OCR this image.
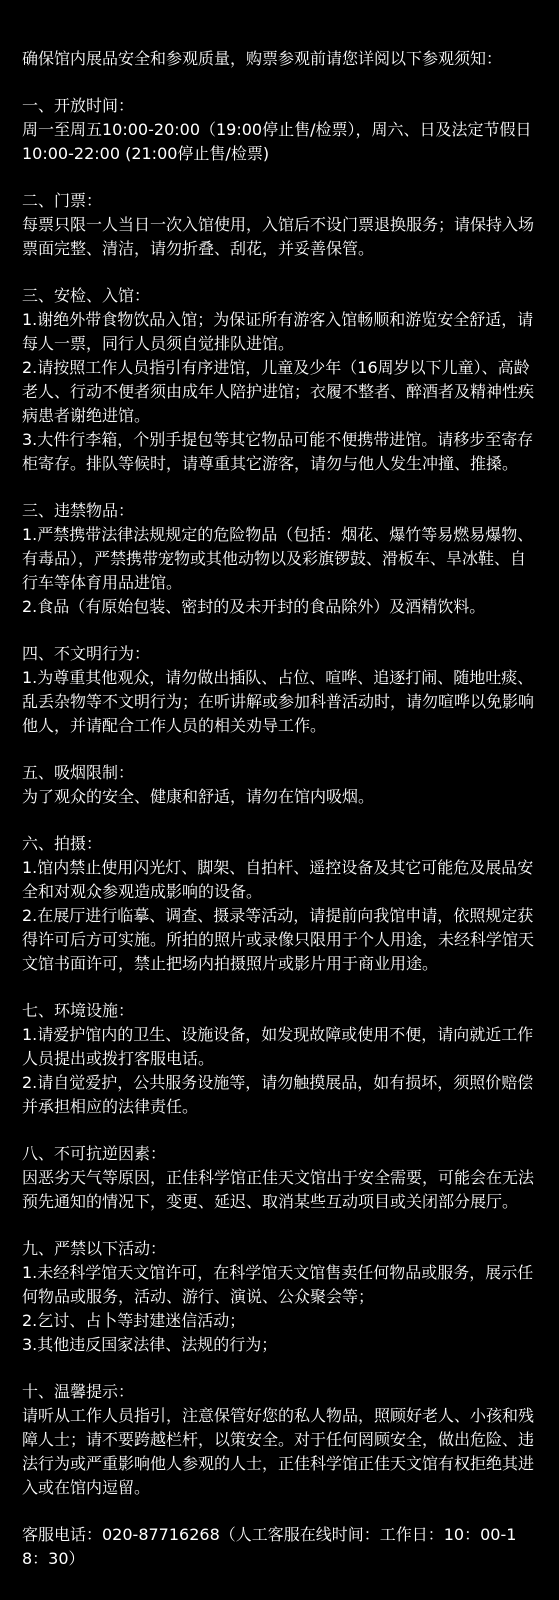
确保馆内展品安全和参观质量，购票参观前请您详阅以下参观须知：

一、开放时间：

周一至周五10:00-20:00（19:00停止售/检票），周六、日及法定节假日 10:00-22:00 (21:00停止售/检票)

二、门票：

每票只限一人当日一次入馆使用，入馆后不设门票退换服务；请保持入场票面完整、清洁，请勿折叠、刮花，并妥善保管。

三、安检、入馆：

1.谢绝外带食物饮品入馆；为保证所有游客入馆畅顺和游览安全舒适，请每人一票，同行人员须自觉排队进馆。

2.请按照工作人员指引有序进馆，儿童及少年（16周岁以下儿童）、高龄老人、行动不便者须由成年人陪护进馆；衣履不整者、醉酒者及精神性疾病患者谢绝进馆。

3.大件行李箱，个别手提包等其它物品可能不便携带进馆。请移步至寄存柜寄存。排队等候时，请尊重其它游客，请勿与他人发生冲撞、推搡。

三、违禁物品：

1.严禁携带法律法规规定的危险物品（包括：烟花、爆竹等易燃易爆物、有毒品），严禁携带宠物或其他动物以及彩旗锣鼓、滑板车、旱冰鞋、自行车等体育用品进馆。

2.食品（有原始包装、密封的及未开封的食品除外）及酒精饮料。

四、不文明行为：

1.为尊重其他观众，请勿做出插队、占位、喧哗、追逐打闹、随地吐痰、乱丢杂物等不文明行为；在听讲解或参加科普活动时，请勿喧哗以免影响他人，并请配合工作人员的相关劝导工作。

五、吸烟限制：

为了观众的安全、健康和舒适，请勿在馆内吸烟。

六、拍摄：

1.馆内禁止使用闪光灯、脚架、自拍杆、遥控设备及其它可能危及展品安全和对观众参观造成影响的设备。

2.在展厅进行临摹、调查、摄录等活动，请提前向我馆申请，依照规定获得许可后方可实施。所拍的照片或录像只限用于个人用途，未经科学馆天文馆书面许可，禁止把场内拍摄照片或影片用于商业用途。

七、环境设施：

1.请爱护馆内的卫生、设施设备，如发现故障或使用不便，请向就近工作人员提出或拨打客服电话。

2.请自觉爱护，公共服务设施等，请勿触摸展品，如有损坏，须照价赔偿并承担相应的法律责任。

八、不可抗逆因素：

因恶劣天气等原因，正佳科学馆正佳天文馆出于安全需要，可能会在无法预先通知的情况下，变更、延迟、取消某些互动项目或关闭部分展厅。

九、严禁以下活动：

1.未经科学馆天文馆许可，在科学馆天文馆售卖任何物品或服务，展示任何物品或服务，活动、游行、演说、公众聚会等；

2.乞讨、占卜等封建迷信活动；

3.其他违反国家法律、法规的行为；

十、温馨提示：

请听从工作人员指引，注意保管好您的私人物品，照顾好老人、小孩和残障人士；请不要跨越栏杆，以策安全。对于任何罔顾安全，做出危险、违法行为或严重影响他人参观的人士，正佳科学馆正佳天文馆有权拒绝其进入或在馆内逗留。

客服电话：020-87716268（人工客服在线时间：工作日：10：00-18：30）
